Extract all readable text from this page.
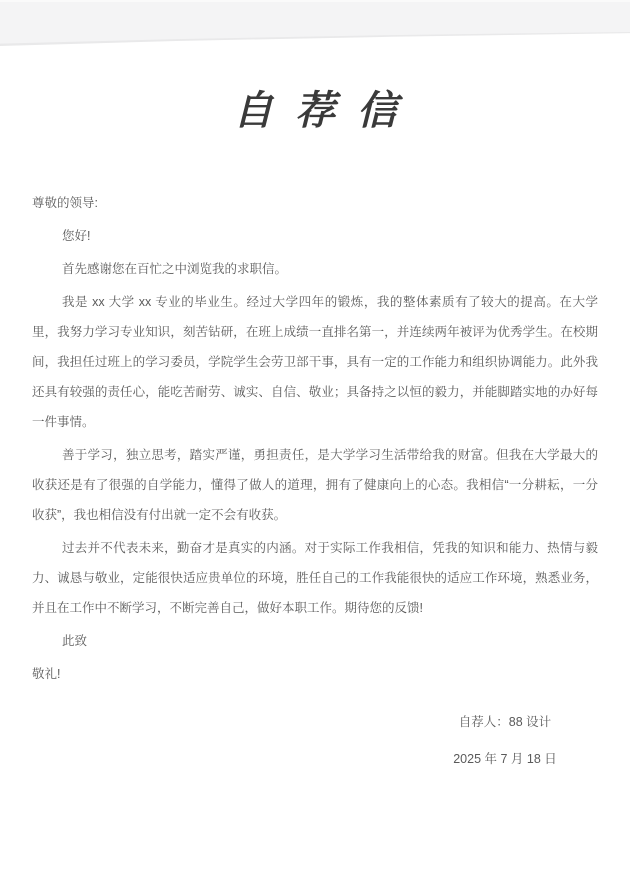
自荐信

尊敬的领导:

您好!

首先感谢您在百忙之中浏览我的求职信。

我是 xx 大学 xx 专业的毕业生。经过大学四年的锻炼，我的整体素质有了较大的提高。在大学里，我努力学习专业知识，刻苦钻研，在班上成绩一直排名第一，并连续两年被评为优秀学生。在校期间，我担任过班上的学习委员，学院学生会劳卫部干事，具有一定的工作能力和组织协调能力。此外我还具有较强的责任心，能吃苦耐劳、诚实、自信、敬业；具备持之以恒的毅力，并能脚踏实地的办好每一件事情。

善于学习，独立思考，踏实严谨，勇担责任，是大学学习生活带给我的财富。但我在大学最大的收获还是有了很强的自学能力，懂得了做人的道理，拥有了健康向上的心态。我相信“一分耕耘，一分收获”，我也相信没有付出就一定不会有收获。

过去并不代表未来，勤奋才是真实的内涵。对于实际工作我相信，凭我的知识和能力、热情与毅力、诚恳与敬业，定能很快适应贵单位的环境，胜任自己的工作我能很快的适应工作环境，熟悉业务，并且在工作中不断学习，不断完善自己，做好本职工作。期待您的反馈!

此致

敬礼!

自荐人：88 设计
2025 年 7 月 18 日
